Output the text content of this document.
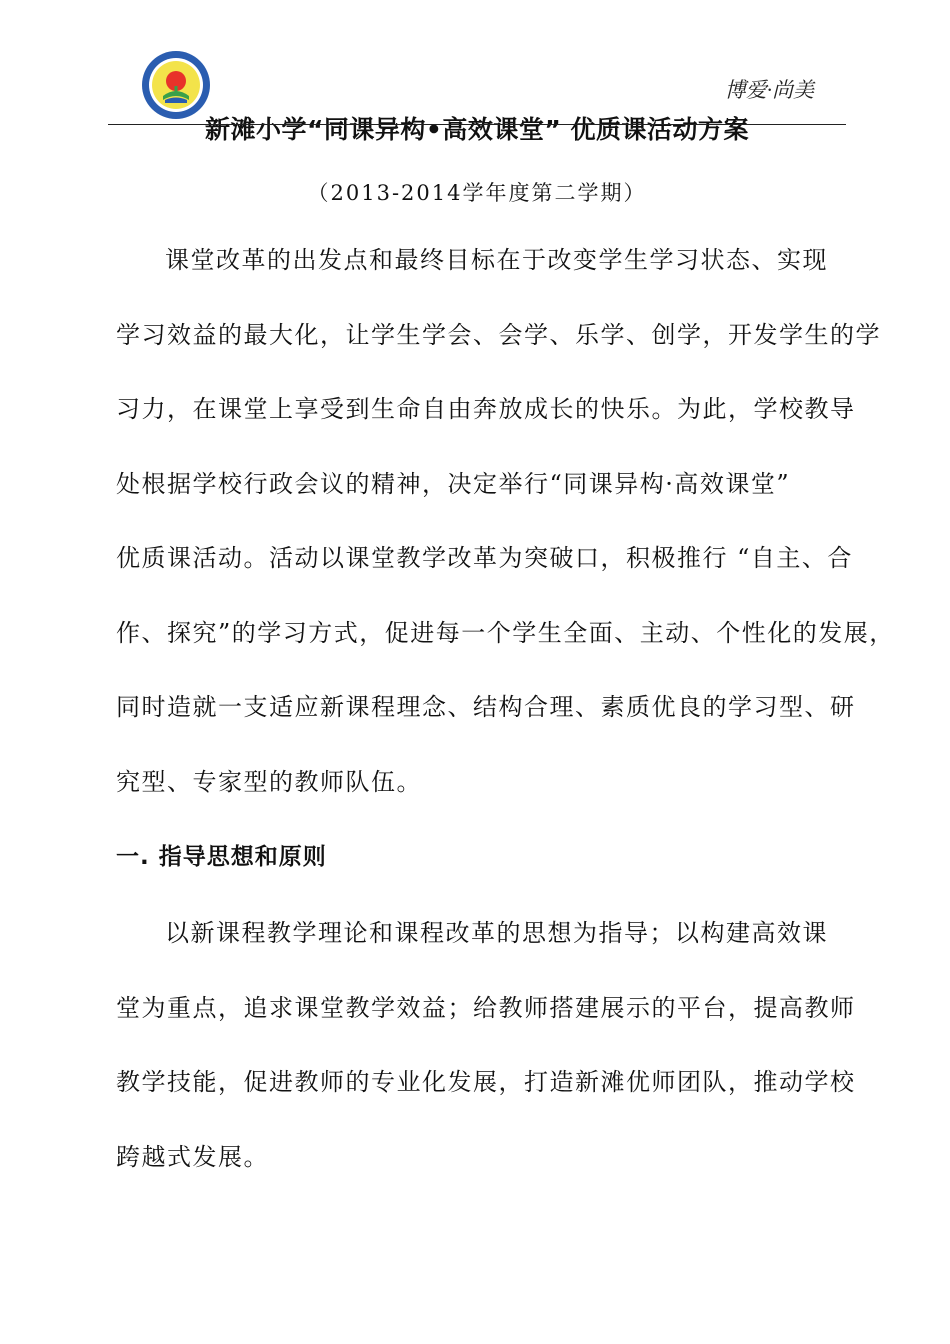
博爱·尚美
新滩小学“同课异构•高效课堂” 优质课活动方案
（2013-2014学年度第二学期）
课堂改革的出发点和最终目标在于改变学生学习状态、实现
学习效益的最大化，让学生学会、会学、乐学、创学，开发学生的学
习力，在课堂上享受到生命自由奔放成长的快乐。为此，学校教导
处根据学校行政会议的精神，决定举行“同课异构·高效课堂”
优质课活动。活动以课堂教学改革为突破口，积极推行 “自主、合
作、探究”的学习方式，促进每一个学生全面、主动、个性化的发展，
同时造就一支适应新课程理念、结构合理、素质优良的学习型、研
究型、专家型的教师队伍。
一. 指导思想和原则
以新课程教学理论和课程改革的思想为指导；以构建高效课
堂为重点，追求课堂教学效益；给教师搭建展示的平台，提高教师
教学技能，促进教师的专业化发展，打造新滩优师团队，推动学校
跨越式发展。
